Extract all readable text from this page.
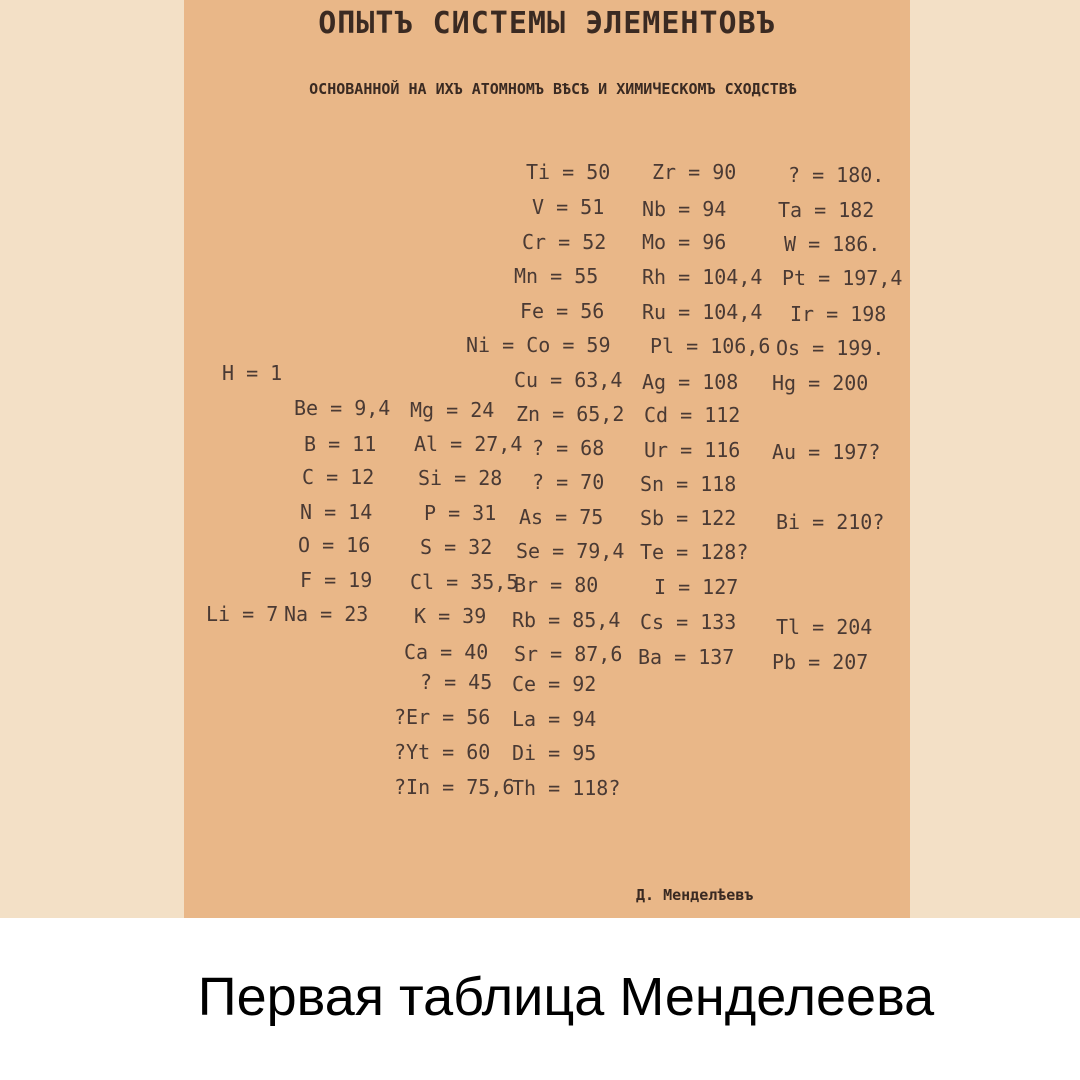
ОПЫТЪ СИСТЕМЫ ЭЛЕМЕНТОВЪ
ОСНОВАННОЙ НА ИХЪ АТОМНОМЪ ВѢСѢ И ХИМИЧЕСКОМЪ СХОДСТВѢ
Ti = 50
V = 51
Cr = 52
Mn = 55
Fe = 56
Ni = Co = 59
Cu = 63,4
Zn = 65,2
? = 68
? = 70
As = 75
Se = 79,4
Br = 80
Rb = 85,4
Sr = 87,6
Ce = 92
La = 94
Di = 95
Th = 118?
Zr = 90
Nb = 94
Mo = 96
Rh = 104,4
Ru = 104,4
Pl = 106,6
Ag = 108
Cd = 112
Ur = 116
Sn = 118
Sb = 122
Te = 128?
I = 127
Cs = 133
Ba = 137
? = 180.
Ta = 182
W = 186.
Pt = 197,4
Ir = 198
Os = 199.
Hg = 200
Au = 197?
Bi = 210?
Tl = 204
Pb = 207
H = 1
Be = 9,4
B = 11
C = 12
N = 14
O = 16
F = 19
Li = 7 Na = 23
Mg = 24
Al = 27,4
Si = 28
P = 31
S = 32
Cl = 35,5
K = 39
Ca = 40
? = 45
?Er = 56
?Yt = 60
?In = 75,6
Д. Менделѣевъ
Первая таблица Менделеева
